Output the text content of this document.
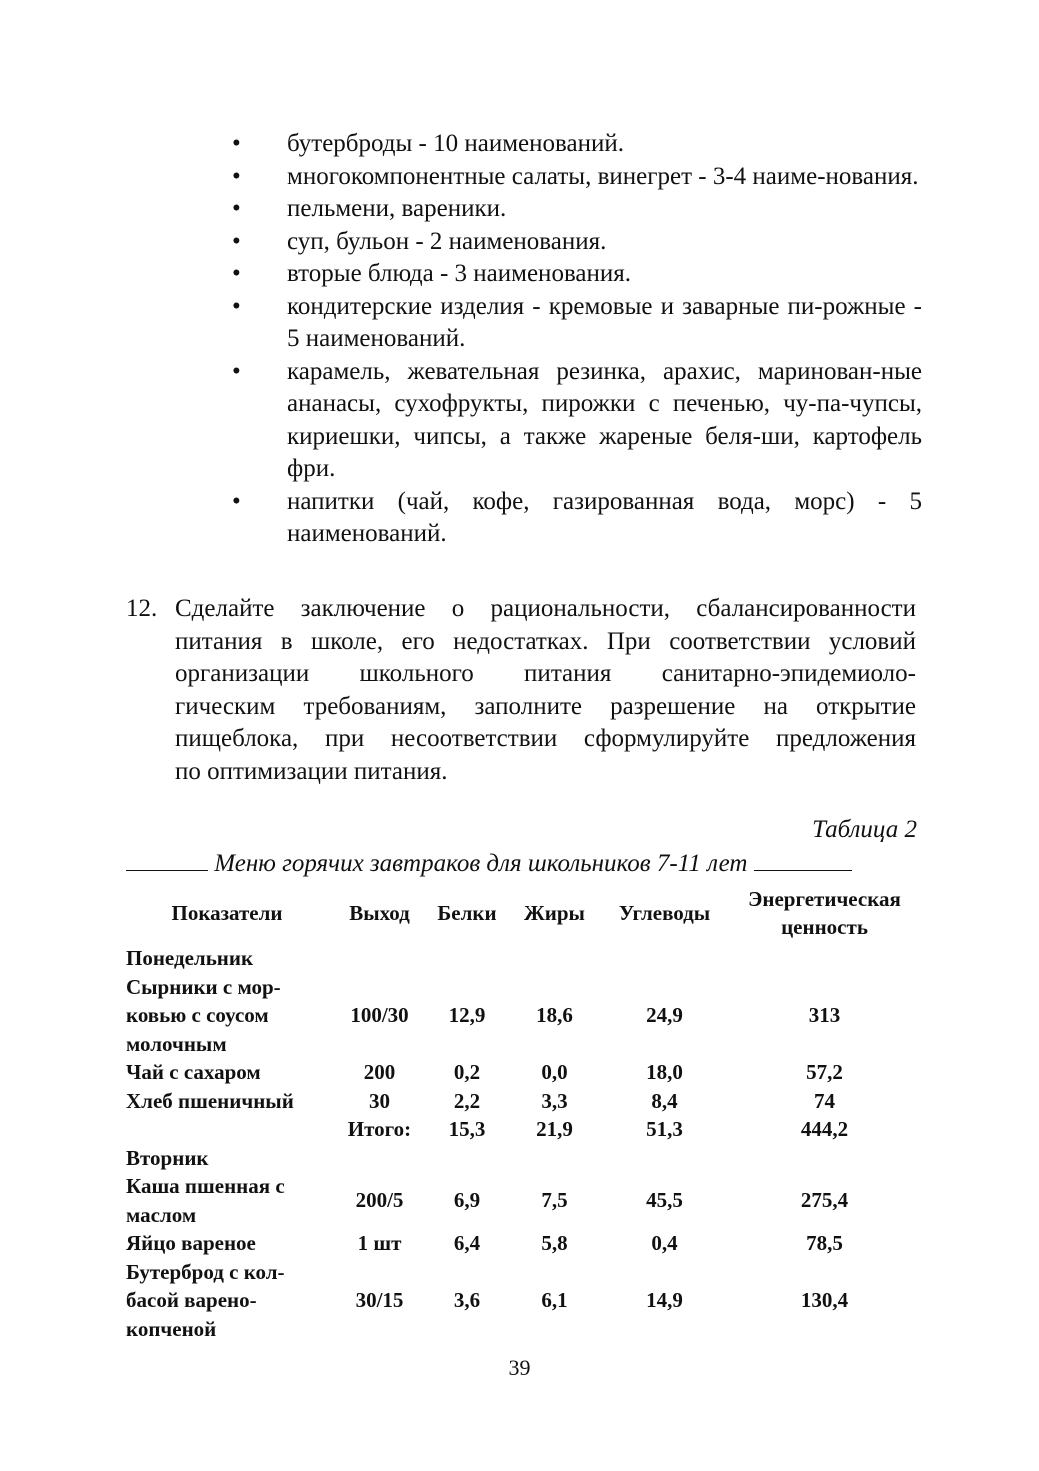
• бутерброды - 10 наименований.
• многокомпонентные салаты, винегрет - 3-4 наиме-нования.
• пельмени, вареники.
• суп, бульон - 2 наименования.
• вторые блюда - 3 наименования.
• кондитерские изделия - кремовые и заварные пи-рожные - 5 наименований.
• карамель, жевательная резинка, арахис, маринован-ные ананасы, сухофрукты, пирожки с печенью, чу-па-чупсы, кириешки, чипсы, а также жареные беля-ши, картофель фри.
• напитки (чай, кофе, газированная вода, морс) - 5 наименований.
12. Сделайте заключение о рациональности, сбалансированности
питания в школе, его недостатках. При соответствии условий
организации школьного питания санитарно-эпидемиоло-
гическим требованиям, заполните разрешение на открытие
пищеблока, при несоответствии сформулируйте предложения
по оптимизации питания.
Таблица 2
Меню горячих завтраков для школьников 7-11 лет
Показатели	Выход	Белки	Жиры	Углеводы	Энергетическая ценность
Понедельник					
Сырники с мор-ковью с соусом молочным	100/30	12,9	18,6	24,9	313
Чай с сахаром	200	0,2	0,0	18,0	57,2
Хлеб пшеничный	30	2,2	3,3	8,4	74
	Итого:	15,3	21,9	51,3	444,2
Вторник					
Каша пшенная с маслом	200/5	6,9	7,5	45,5	275,4
Яйцо вареное	1 шт	6,4	5,8	0,4	78,5
Бутерброд с кол-басой варено-копченой	30/15	3,6	6,1	14,9	130,4
39
